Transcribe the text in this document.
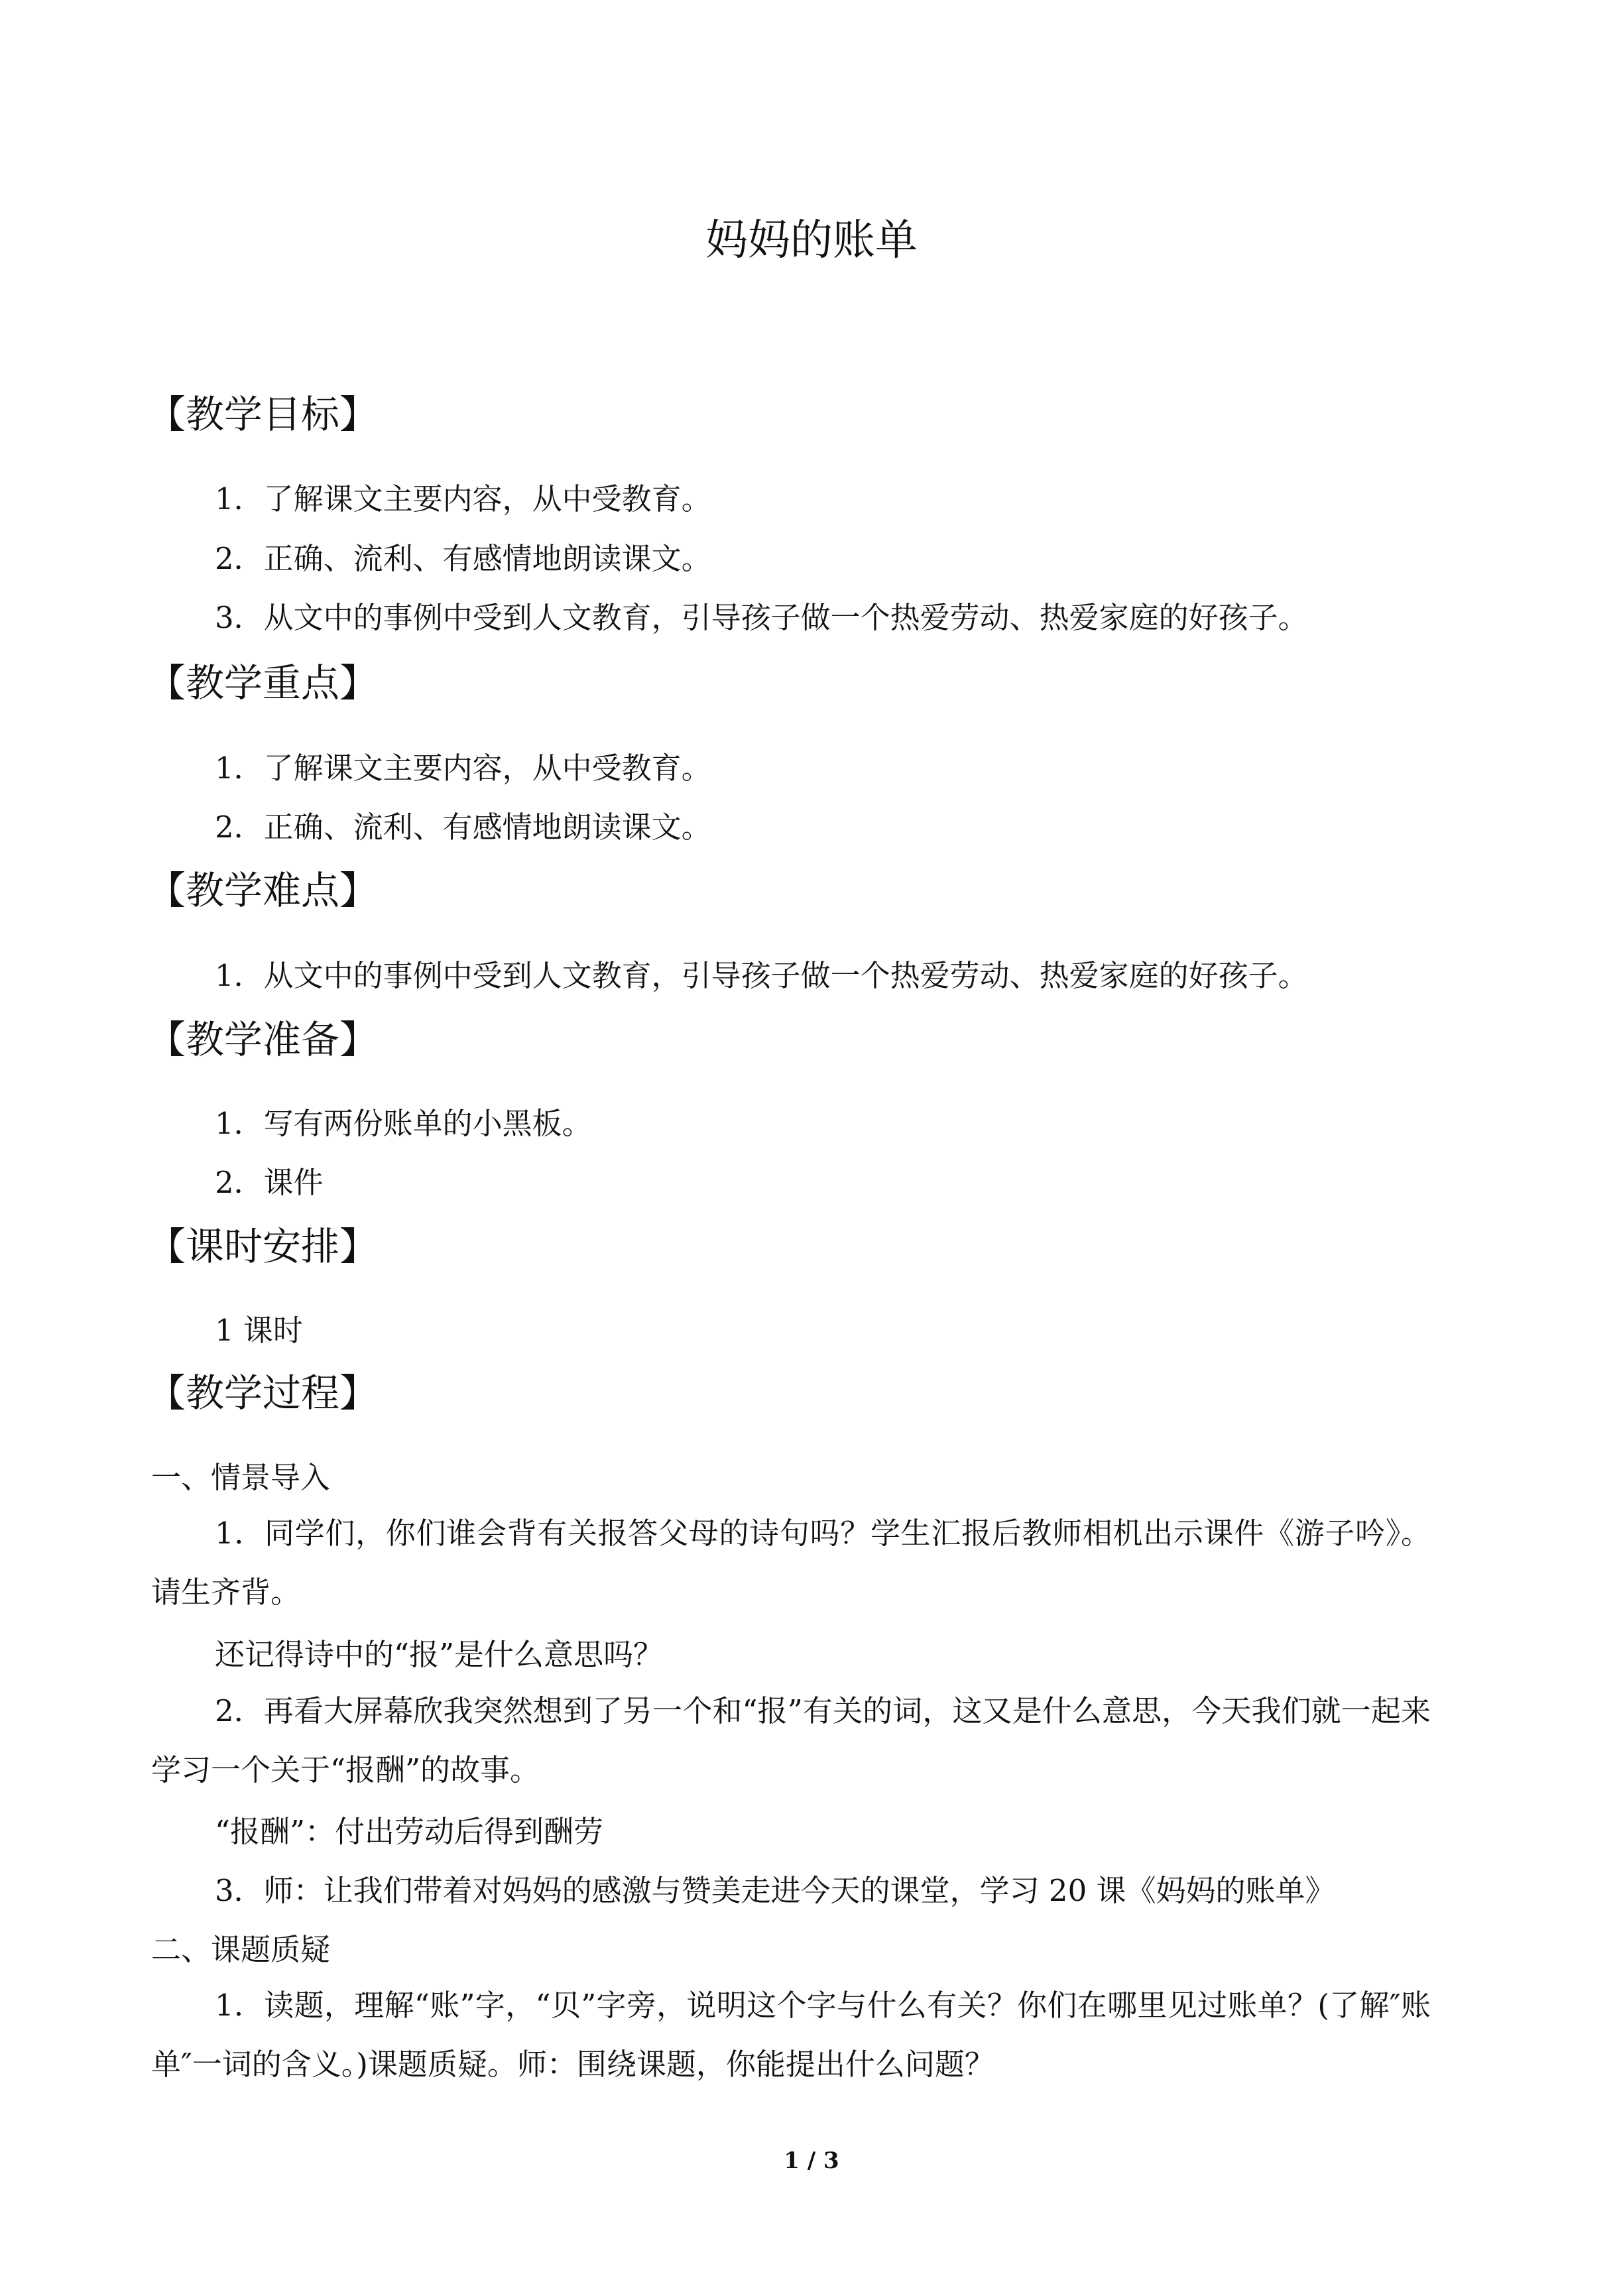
妈妈的账单
【教学目标】
1．了解课文主要内容，从中受教育。
2．正确、流利、有感情地朗读课文。
3．从文中的事例中受到人文教育，引导孩子做一个热爱劳动、热爱家庭的好孩子。
【教学重点】
1．了解课文主要内容，从中受教育。
2．正确、流利、有感情地朗读课文。
【教学难点】
1．从文中的事例中受到人文教育，引导孩子做一个热爱劳动、热爱家庭的好孩子。
【教学准备】
1．写有两份账单的小黑板。
2．课件
【课时安排】
1 课时
【教学过程】
一、情景导入
1．同学们，你们谁会背有关报答父母的诗句吗？学生汇报后教师相机出示课件《游子吟》。请生齐背。
还记得诗中的“报”是什么意思吗？
2．再看大屏幕欣我突然想到了另一个和“报”有关的词，这又是什么意思，今天我们就一起来学习一个关于“报酬”的故事。
“报酬”：付出劳动后得到酬劳
3．师：让我们带着对妈妈的感激与赞美走进今天的课堂，学习 20 课《妈妈的账单》
二、课题质疑
1．读题，理解“账”字，“贝”字旁，说明这个字与什么有关？你们在哪里见过账单？(了解″账单″一词的含义。)课题质疑。师：围绕课题，你能提出什么问题？
1 / 3
